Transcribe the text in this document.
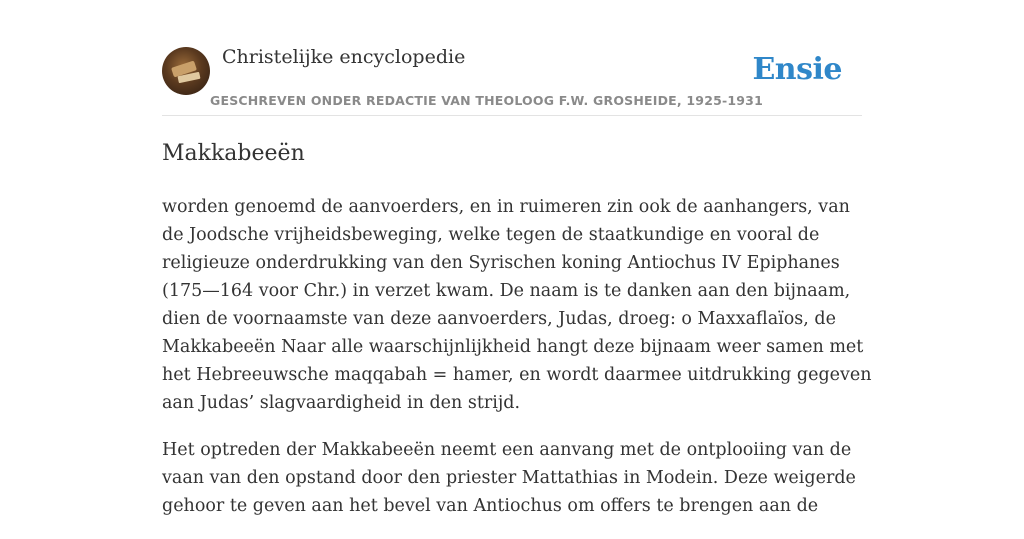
Christelijke encyclopedie
GESCHREVEN ONDER REDACTIE VAN THEOLOOG F.W. GROSHEIDE, 1925-1931
Ensie
Makkabeeën

worden genoemd de aanvoerders, en in ruimeren zin ook de aanhangers, van de Joodsche vrijheidsbeweging, welke tegen de staatkundige en vooral de religieuze onderdrukking van den Syrischen koning Antiochus IV Epiphanes (175—164 voor Chr.) in verzet kwam. De naam is te danken aan den bijnaam, dien de voornaamste van deze aanvoerders, Judas, droeg: o Maxxaflaïos, de Makkabeeën Naar alle waarschijnlijkheid hangt deze bijnaam weer samen met het Hebreeuwsche maqqabah = hamer, en wordt daarmee uitdrukking gegeven aan Judas’ slagvaardigheid in den strijd.

Het optreden der Makkabeeën neemt een aanvang met de ontplooiing van de vaan van den opstand door den priester Mattathias in Modein. Deze weigerde gehoor te geven aan het bevel van Antiochus om offers te brengen aan de
